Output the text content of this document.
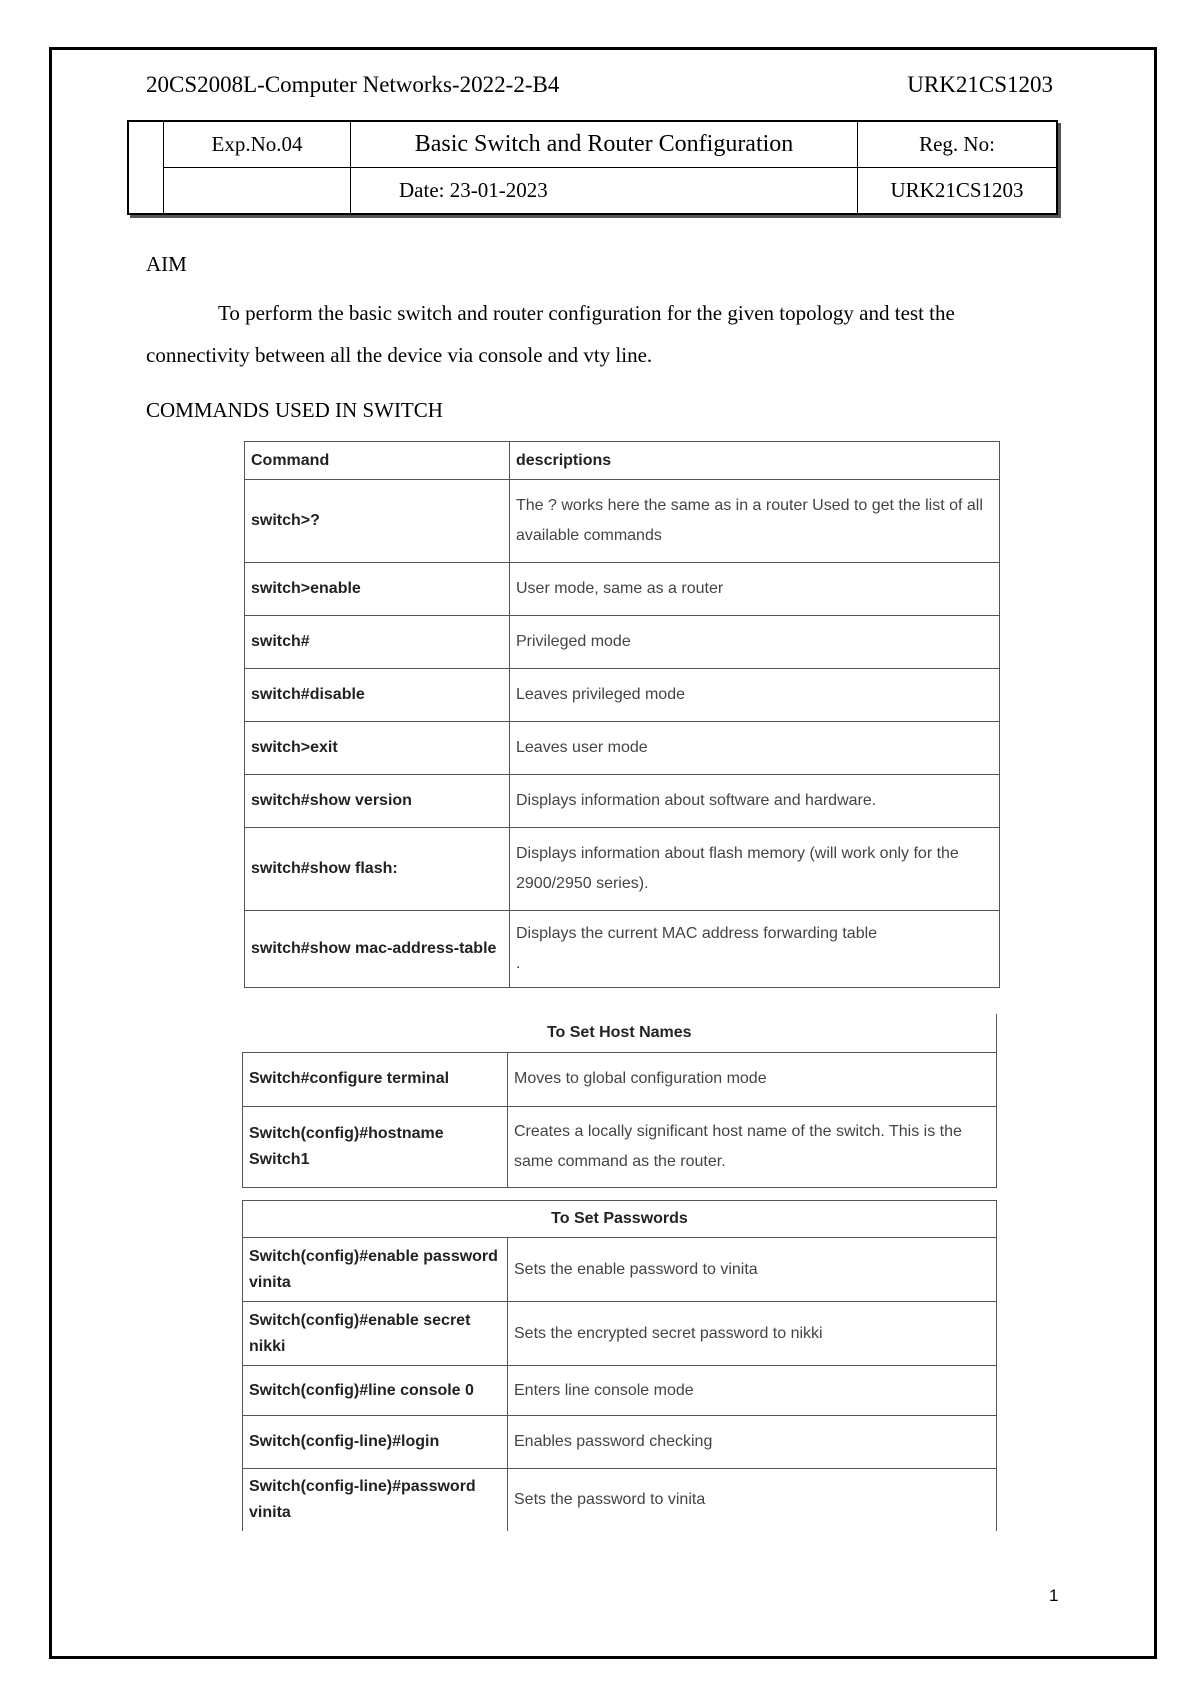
20CS2008L-Computer Networks-2022-2-B4	URK21CS1203
	Exp.No.04	Basic Switch and Router Configuration	Reg. No:
		Date: 23-01-2023	URK21CS1203
AIM
To perform the basic switch and router configuration for the given topology and test the connectivity between all the device via console and vty line.
COMMANDS USED IN SWITCH
Command	descriptions
switch>?	The ? works here the same as in a router Used to get the list of all available commands
switch>enable	User mode, same as a router
switch#	Privileged mode
switch#disable	Leaves privileged mode
switch>exit	Leaves user mode
switch#show version	Displays information about software and hardware.
switch#show flash:	Displays information about flash memory (will work only for the 2900/2950 series).
switch#show mac-address-table	Displays the current MAC address forwarding table
.
To Set Host Names	
Switch#configure terminal	Moves to global configuration mode
Switch(config)#hostname Switch1	Creates a locally significant host name of the switch. This is the same command as the router.
To Set Passwords	
Switch(config)#enable password vinita	Sets the enable password to vinita
Switch(config)#enable secret nikki	Sets the encrypted secret password to nikki
Switch(config)#line console 0	Enters line console mode
Switch(config-line)#login	Enables password checking
Switch(config-line)#password vinita	Sets the password to vinita
1
